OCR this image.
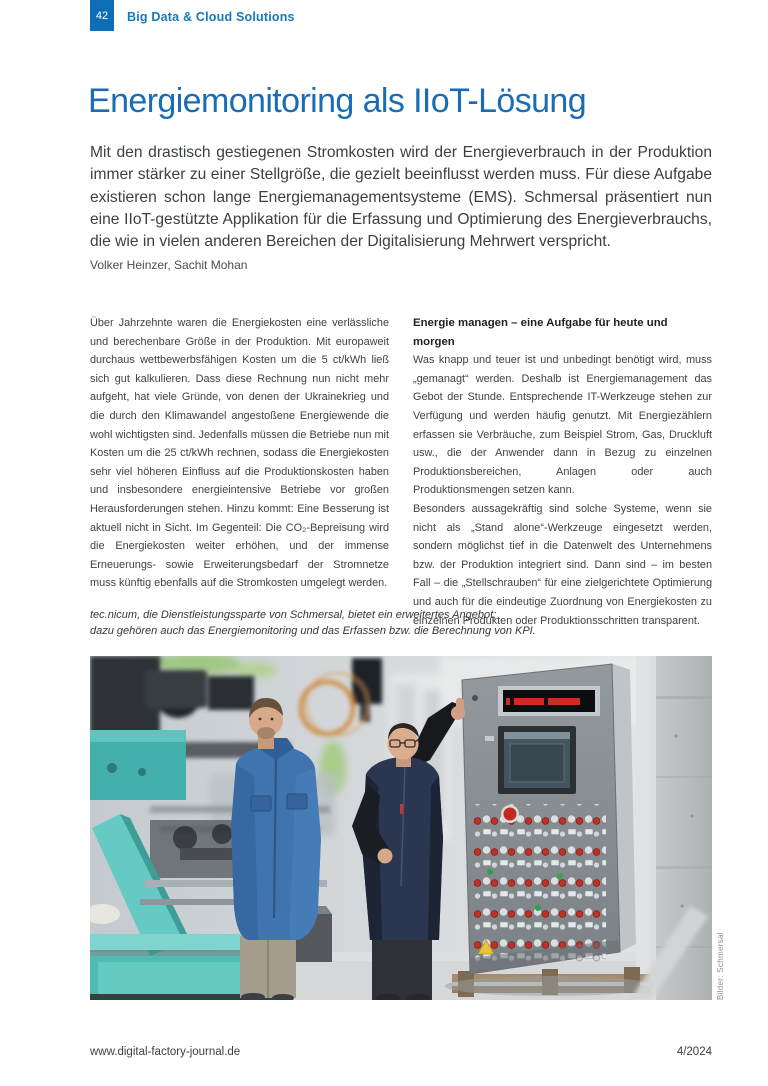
42 Big Data & Cloud Solutions
Energiemonitoring als IIoT-Lösung
Mit den drastisch gestiegenen Stromkosten wird der Energieverbrauch in der Produktion immer stärker zu einer Stellgröße, die gezielt beeinflusst werden muss. Für diese Aufgabe existieren schon lange Energiemanagementsysteme (EMS). Schmersal präsentiert nun eine IIoT-gestützte Applikation für die Erfassung und Optimierung des Energieverbrauchs, die wie in vielen anderen Bereichen der Digitalisierung Mehrwert verspricht.
Volker Heinzer, Sachit Mohan

Über Jahrzehnte waren die Energiekosten eine verlässliche und berechenbare Größe in der Produktion. Mit europaweit durchaus wettbewerbsfähigen Kosten um die 5 ct/kWh ließ sich gut kalkulieren. Dass diese Rechnung nun nicht mehr aufgeht, hat viele Gründe, von denen der Ukrainekrieg und die durch den Klimawandel angestoßene Energiewende die wohl wichtigsten sind. Jedenfalls müssen die Betriebe nun mit Kosten um die 25 ct/kWh rechnen, sodass die Energiekosten sehr viel höheren Einfluss auf die Produktionskosten haben und insbesondere energieintensive Betriebe vor großen Herausforderungen stehen. Hinzu kommt: Eine Besserung ist aktuell nicht in Sicht. Im Gegenteil: Die CO₂-Bepreisung wird die Energiekosten weiter erhöhen, und der immense Erneuerungs- sowie Erweiterungsbedarf der Stromnetze muss künftig ebenfalls auf die Stromkosten umgelegt werden.

Energie managen – eine Aufgabe für heute und morgen

Was knapp und teuer ist und unbedingt benötigt wird, muss „gemanagt“ werden. Deshalb ist Energiemanagement das Gebot der Stunde. Entsprechende IT-Werkzeuge stehen zur Verfügung und werden häufig genutzt. Mit Energiezählern erfassen sie Verbräuche, zum Beispiel Strom, Gas, Druckluft usw., die der Anwender dann in Bezug zu einzelnen Produktionsbereichen, Anlagen oder auch Produktionsmengen setzen kann.

Besonders aussagekräftig sind solche Systeme, wenn sie nicht als „Stand alone“-Werkzeuge eingesetzt werden, sondern möglichst tief in die Datenwelt des Unternehmens bzw. der Produktion integriert sind. Dann sind – im besten Fall – die „Stellschrauben“ für eine zielgerichtete Optimierung und auch für die eindeutige Zuordnung von Energiekosten zu einzelnen Produkten oder Produktionsschritten transparent.

tec.nicum, die Dienstleistungssparte von Schmersal, bietet ein erweitertes Angebot;
dazu gehören auch das Energiemonitoring und das Erfassen bzw. die Berechnung von KPI.
Bilder: Schmersal
www.digital-factory-journal.de	4/2024
